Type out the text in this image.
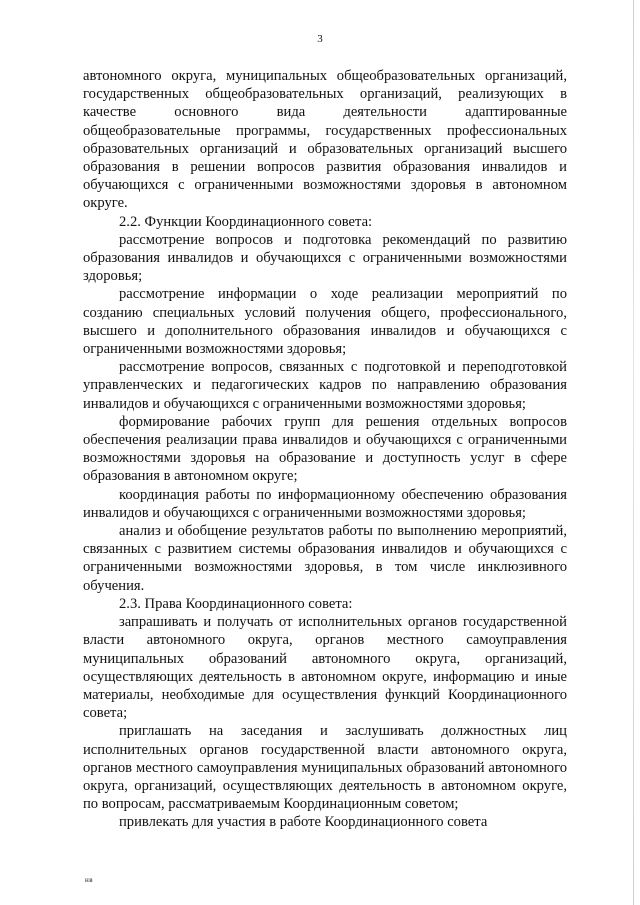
3

автономного округа, муниципальных общеобразовательных организаций, государственных общеобразовательных организаций, реализующих в качестве основного вида деятельности адаптированные общеобразовательные программы, государственных профессиональных образовательных организаций и образовательных организаций высшего образования в решении вопросов развития образования инвалидов и обучающихся с ограниченными возможностями здоровья в автономном округе.

2.2. Функции Координационного совета:

рассмотрение вопросов и подготовка рекомендаций по развитию образования инвалидов и обучающихся с ограниченными возможностями здоровья;

рассмотрение информации о ходе реализации мероприятий по созданию специальных условий получения общего, профессионального, высшего и дополнительного образования инвалидов и обучающихся с ограниченными возможностями здоровья;

рассмотрение вопросов, связанных с подготовкой и переподготовкой управленческих и педагогических кадров по направлению образования инвалидов и обучающихся с ограниченными возможностями здоровья;

формирование рабочих групп для решения отдельных вопросов обеспечения реализации права инвалидов и обучающихся с ограниченными возможностями здоровья на образование и доступность услуг в сфере образования в автономном округе;

координация работы по информационному обеспечению образования инвалидов и обучающихся с ограниченными возможностями здоровья;

анализ и обобщение результатов работы по выполнению мероприятий, связанных с развитием системы образования инвалидов и обучающихся с ограниченными возможностями здоровья, в том числе инклюзивного обучения.

2.3. Права Координационного совета:

запрашивать и получать от исполнительных органов государственной власти автономного округа, органов местного самоуправления муниципальных образований автономного округа, организаций, осуществляющих деятельность в автономном округе, информацию и иные материалы, необходимые для осуществления функций Координационного совета;

приглашать на заседания и заслушивать должностных лиц исполнительных органов государственной власти автономного округа, органов местного самоуправления муниципальных образований автономного округа, организаций, осуществляющих деятельность в автономном округе, по вопросам, рассматриваемым Координационным советом;

привлекать для участия в работе Координационного совета

нв
